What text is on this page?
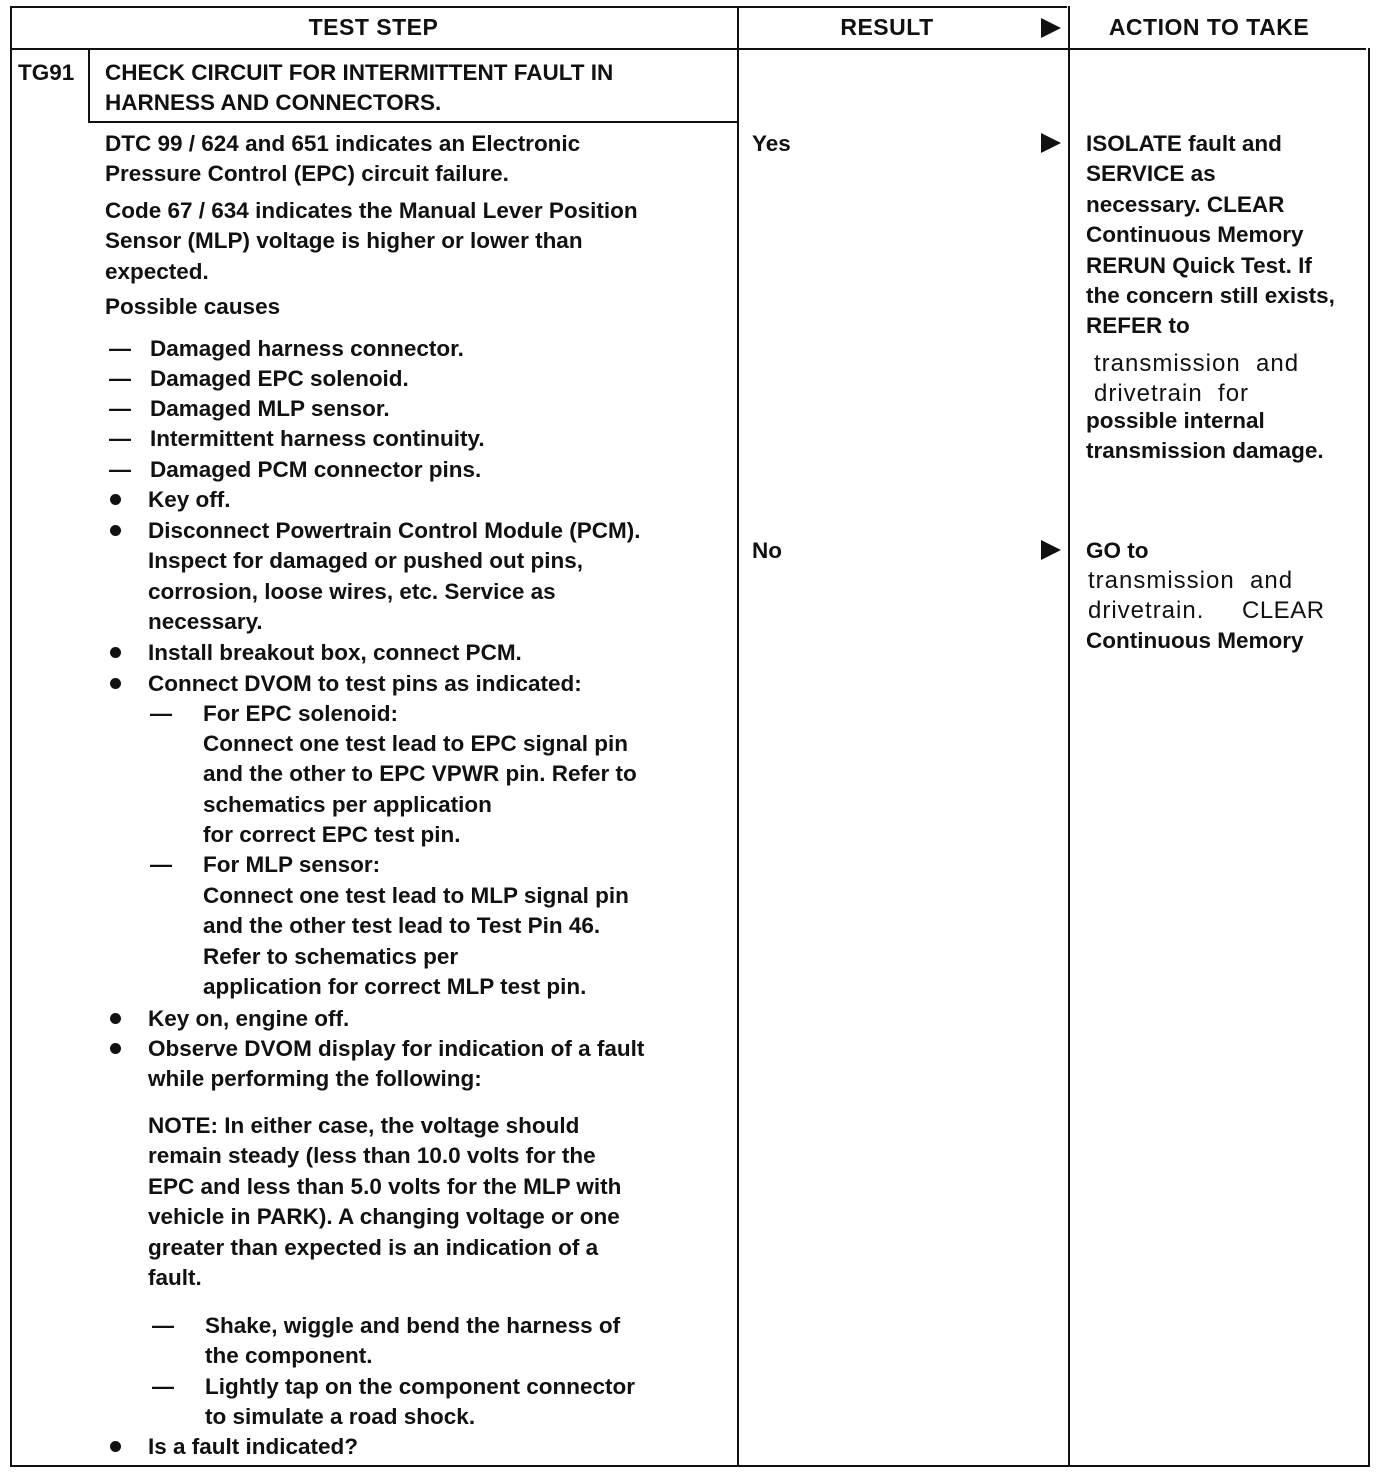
TEST STEP	RESULT	ACTION TO TAKE
TG91 CHECK CIRCUIT FOR INTERMITTENT FAULT IN
HARNESS AND CONNECTORS.
DTC 99 / 624 and 651 indicates an Electronic
Pressure Control (EPC) circuit failure.
Code 67 / 634 indicates the Manual Lever Position
Sensor (MLP) voltage is higher or lower than
expected.
Possible causes
— Damaged harness connector.
— Damaged EPC solenoid.
— Damaged MLP sensor.
— Intermittent harness continuity.
— Damaged PCM connector pins.
Key off.
Disconnect Powertrain Control Module (PCM).
Inspect for damaged or pushed out pins,
corrosion, loose wires, etc. Service as
necessary.
Install breakout box, connect PCM.
Connect DVOM to test pins as indicated:
— For EPC solenoid:
Connect one test lead to EPC signal pin
and the other to EPC VPWR pin. Refer to
schematics per application
for correct EPC test pin.
— For MLP sensor:
Connect one test lead to MLP signal pin
and the other test lead to Test Pin 46.
Refer to schematics per
application for correct MLP test pin.
Key on, engine off.
Observe DVOM display for indication of a fault
while performing the following:
NOTE: In either case, the voltage should
remain steady (less than 10.0 volts for the
EPC and less than 5.0 volts for the MLP with
vehicle in PARK). A changing voltage or one
greater than expected is an indication of a
fault.
— Shake, wiggle and bend the harness of
the component.
— Lightly tap on the component connector
to simulate a road shock.
Is a fault indicated?
Yes
No
ISOLATE fault and
SERVICE as
necessary. CLEAR
Continuous Memory
RERUN Quick Test. If
the concern still exists,
REFER to
transmission  and
drivetrain  for
possible internal
transmission damage.
GO to
transmission  and
drivetrain. CLEAR
Continuous Memory
